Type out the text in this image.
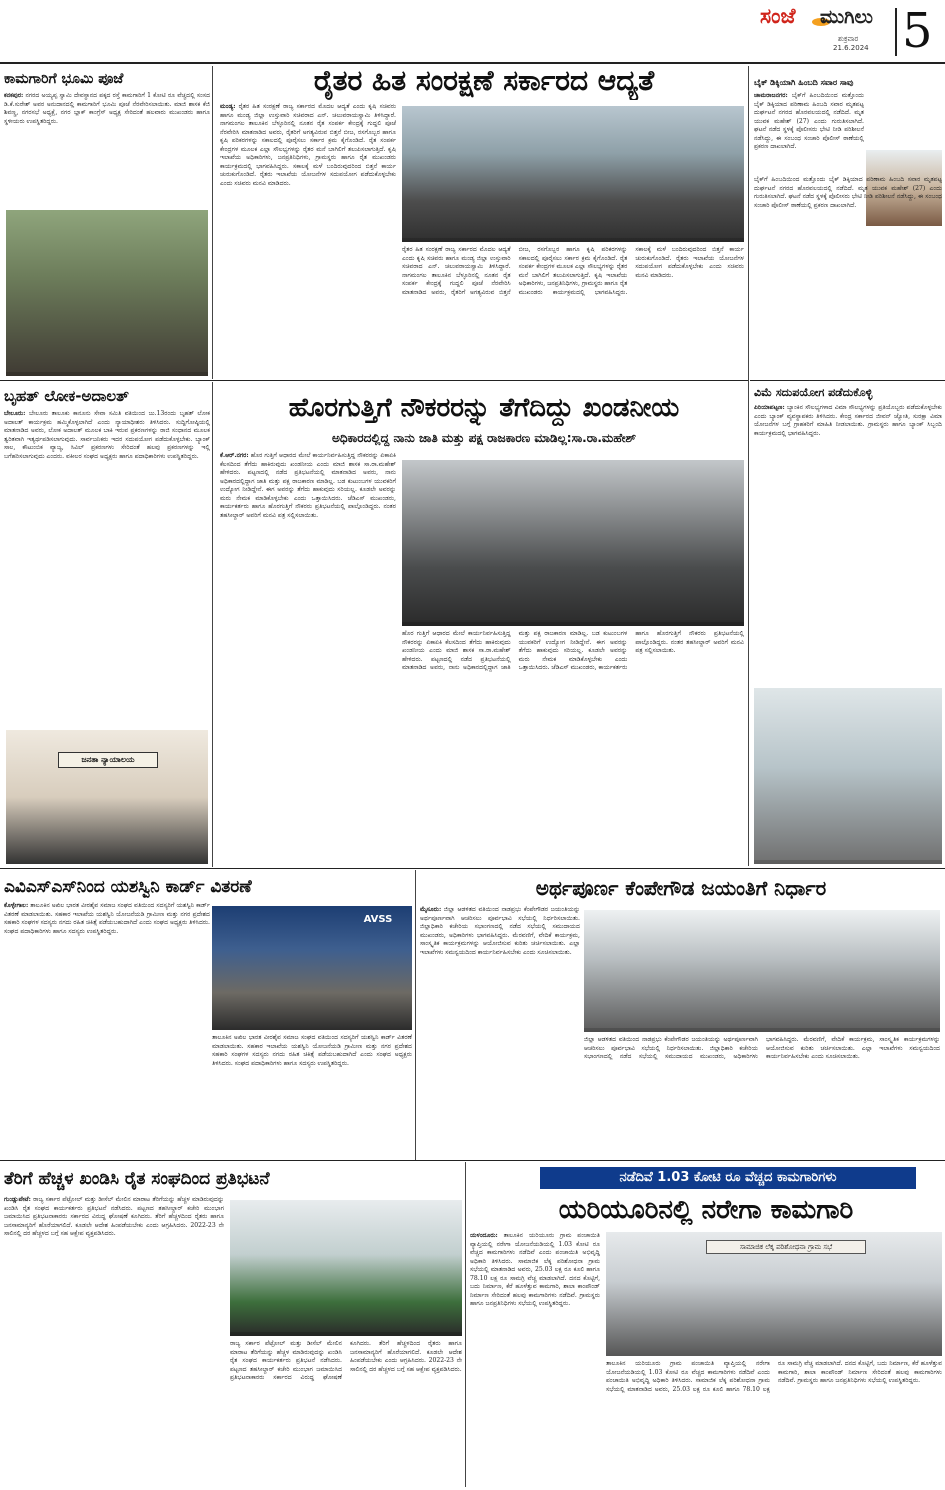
ಸಂಜೆ ಮುಗಿಲು
ಶುಕ್ರವಾರ
21.6.2024 5
ಕಾಮಗಾರಿಗೆ ಭೂಮಿ ಪೂಜೆ
ಕನಕಪುರ: ನಗರದ ಅಯ್ಯಪ್ಪ ಸ್ವಾಮಿ ದೇವಸ್ಥಾನದ ಪಕ್ಕದ ರಸ್ತೆ ಕಾಮಗಾರಿಗೆ 1 ಕೋಟಿ ರೂ ವೆಚ್ಚದಲ್ಲಿ ಸಂಸದ ಡಿ.ಕೆ.ಸುರೇಶ್ ಅವರ ಅನುದಾನದಲ್ಲಿ ಕಾಮಗಾರಿಗೆ ಭೂಮಿ ಪೂಜೆ ನೆರವೇರಿಸಲಾಯಿತು. ಮಾಜಿ ಶಾಸಕ ಕೆಜಿ ಶಿವಣ್ಣ, ನಗರಸಭೆ ಅಧ್ಯಕ್ಷೆ, ನಗರ ಬ್ಲಾಕ್ ಕಾಂಗ್ರೆಸ್ ಅಧ್ಯಕ್ಷ ಸೇರಿದಂತೆ ಹಲವಾರು ಮುಖಂಡರು ಹಾಗೂ ಸ್ಥಳೀಯರು ಉಪಸ್ಥಿತರಿದ್ದರು.
ರೈತರ ಹಿತ ಸಂರಕ್ಷಣೆ ಸರ್ಕಾರದ ಆದ್ಯತೆ
ಮಂಡ್ಯ: ರೈತರ ಹಿತ ಸಂರಕ್ಷಣೆ ರಾಜ್ಯ ಸರ್ಕಾರದ ಮೊದಲ ಆದ್ಯತೆ ಎಂದು ಕೃಷಿ ಸಚಿವರು ಹಾಗೂ ಮಂಡ್ಯ ಜಿಲ್ಲಾ ಉಸ್ತುವಾರಿ ಸಚಿವರಾದ ಎನ್. ಚಲುವರಾಯಸ್ವಾಮಿ ತಿಳಿಸಿದ್ದಾರೆ. ನಾಗಮಂಗಲ ತಾಲೂಕಿನ ಬೆಳ್ಳೂರಿನಲ್ಲಿ ನೂತನ ರೈತ ಸಂಪರ್ಕ ಕೇಂದ್ರಕ್ಕೆ ಗುದ್ದಲಿ ಪೂಜೆ ನೆರವೇರಿಸಿ ಮಾತನಾಡಿದ ಅವರು, ರೈತರಿಗೆ ಅಗತ್ಯವಿರುವ ಬಿತ್ತನೆ ಬೀಜ, ರಸಗೊಬ್ಬರ ಹಾಗೂ ಕೃಷಿ ಪರಿಕರಗಳನ್ನು ಸಕಾಲದಲ್ಲಿ ಪೂರೈಸಲು ಸರ್ಕಾರ ಕ್ರಮ ಕೈಗೊಂಡಿದೆ. ರೈತ ಸಂಪರ್ಕ ಕೇಂದ್ರಗಳ ಮೂಲಕ ಎಲ್ಲಾ ಸೌಲಭ್ಯಗಳನ್ನು ರೈತರ ಮನೆ ಬಾಗಿಲಿಗೆ ತಲುಪಿಸಲಾಗುತ್ತಿದೆ. ಕೃಷಿ ಇಲಾಖೆಯ ಅಧಿಕಾರಿಗಳು, ಜನಪ್ರತಿನಿಧಿಗಳು, ಗ್ರಾಮಸ್ಥರು ಹಾಗೂ ರೈತ ಮುಖಂಡರು ಕಾರ್ಯಕ್ರಮದಲ್ಲಿ ಭಾಗವಹಿಸಿದ್ದರು. ಸಕಾಲಕ್ಕೆ ಮಳೆ ಬಂದಿರುವುದರಿಂದ ಬಿತ್ತನೆ ಕಾರ್ಯ ಚುರುಕುಗೊಂಡಿದೆ. ರೈತರು ಇಲಾಖೆಯ ಯೋಜನೆಗಳ ಸದುಪಯೋಗ ಪಡೆದುಕೊಳ್ಳಬೇಕು ಎಂದು ಸಚಿವರು ಮನವಿ ಮಾಡಿದರು.
ರೈತರ ಹಿತ ಸಂರಕ್ಷಣೆ ರಾಜ್ಯ ಸರ್ಕಾರದ ಮೊದಲ ಆದ್ಯತೆ ಎಂದು ಕೃಷಿ ಸಚಿವರು ಹಾಗೂ ಮಂಡ್ಯ ಜಿಲ್ಲಾ ಉಸ್ತುವಾರಿ ಸಚಿವರಾದ ಎನ್. ಚಲುವರಾಯಸ್ವಾಮಿ ತಿಳಿಸಿದ್ದಾರೆ. ನಾಗಮಂಗಲ ತಾಲೂಕಿನ ಬೆಳ್ಳೂರಿನಲ್ಲಿ ನೂತನ ರೈತ ಸಂಪರ್ಕ ಕೇಂದ್ರಕ್ಕೆ ಗುದ್ದಲಿ ಪೂಜೆ ನೆರವೇರಿಸಿ ಮಾತನಾಡಿದ ಅವರು, ರೈತರಿಗೆ ಅಗತ್ಯವಿರುವ ಬಿತ್ತನೆ ಬೀಜ, ರಸಗೊಬ್ಬರ ಹಾಗೂ ಕೃಷಿ ಪರಿಕರಗಳನ್ನು ಸಕಾಲದಲ್ಲಿ ಪೂರೈಸಲು ಸರ್ಕಾರ ಕ್ರಮ ಕೈಗೊಂಡಿದೆ. ರೈತ ಸಂಪರ್ಕ ಕೇಂದ್ರಗಳ ಮೂಲಕ ಎಲ್ಲಾ ಸೌಲಭ್ಯಗಳನ್ನು ರೈತರ ಮನೆ ಬಾಗಿಲಿಗೆ ತಲುಪಿಸಲಾಗುತ್ತಿದೆ. ಕೃಷಿ ಇಲಾಖೆಯ ಅಧಿಕಾರಿಗಳು, ಜನಪ್ರತಿನಿಧಿಗಳು, ಗ್ರಾಮಸ್ಥರು ಹಾಗೂ ರೈತ ಮುಖಂಡರು ಕಾರ್ಯಕ್ರಮದಲ್ಲಿ ಭಾಗವಹಿಸಿದ್ದರು. ಸಕಾಲಕ್ಕೆ ಮಳೆ ಬಂದಿರುವುದರಿಂದ ಬಿತ್ತನೆ ಕಾರ್ಯ ಚುರುಕುಗೊಂಡಿದೆ. ರೈತರು ಇಲಾಖೆಯ ಯೋಜನೆಗಳ ಸದುಪಯೋಗ ಪಡೆದುಕೊಳ್ಳಬೇಕು ಎಂದು ಸಚಿವರು ಮನವಿ ಮಾಡಿದರು.
ಬೈಕ್ ಡಿಕ್ಕಿಯಾಗಿ ಹಿಂಬದಿ ಸವಾರ ಸಾವು
ಚಾಮರಾಜನಗರ: ಬೈಕ್‌ಗೆ ಹಿಂಬದಿಯಿಂದ ಮತ್ತೊಂದು ಬೈಕ್ ಡಿಕ್ಕಿಯಾದ ಪರಿಣಾಮ ಹಿಂಬದಿ ಸವಾರ ಮೃತಪಟ್ಟ ದುರ್ಘಟನೆ ನಗರದ ಹೊರವಲಯದಲ್ಲಿ ನಡೆದಿದೆ. ಮೃತ ಯುವಕ ಮಹೇಶ್ (27) ಎಂದು ಗುರುತಿಸಲಾಗಿದೆ. ಘಟನೆ ನಡೆದ ಸ್ಥಳಕ್ಕೆ ಪೊಲೀಸರು ಭೇಟಿ ನೀಡಿ ಪರಿಶೀಲನೆ ನಡೆಸಿದ್ದು, ಈ ಸಂಬಂಧ ಸಂಚಾರಿ ಪೊಲೀಸ್ ಠಾಣೆಯಲ್ಲಿ ಪ್ರಕರಣ ದಾಖಲಾಗಿದೆ.
ಬೈಕ್‌ಗೆ ಹಿಂಬದಿಯಿಂದ ಮತ್ತೊಂದು ಬೈಕ್ ಡಿಕ್ಕಿಯಾದ ಪರಿಣಾಮ ಹಿಂಬದಿ ಸವಾರ ಮೃತಪಟ್ಟ ದುರ್ಘಟನೆ ನಗರದ ಹೊರವಲಯದಲ್ಲಿ ನಡೆದಿದೆ. ಮೃತ ಯುವಕ ಮಹೇಶ್ (27) ಎಂದು ಗುರುತಿಸಲಾಗಿದೆ. ಘಟನೆ ನಡೆದ ಸ್ಥಳಕ್ಕೆ ಪೊಲೀಸರು ಭೇಟಿ ನೀಡಿ ಪರಿಶೀಲನೆ ನಡೆಸಿದ್ದು, ಈ ಸಂಬಂಧ ಸಂಚಾರಿ ಪೊಲೀಸ್ ಠಾಣೆಯಲ್ಲಿ ಪ್ರಕರಣ ದಾಖಲಾಗಿದೆ.
ವಿಮೆ ಸದುಪಯೋಗ ಪಡೆದುಕೊಳ್ಳಿ
ಪಿರಿಯಾಪಟ್ಟಣ: ಬ್ಯಾಂಕಿನ ಸೌಲಭ್ಯಗಳಾದ ವಿಮಾ ಸೌಲಭ್ಯಗಳನ್ನು ಪ್ರತಿಯೊಬ್ಬರು ಪಡೆದುಕೊಳ್ಳಬೇಕು ಎಂದು ಬ್ಯಾಂಕ್ ವ್ಯವಸ್ಥಾಪಕರು ತಿಳಿಸಿದರು. ಕೇಂದ್ರ ಸರ್ಕಾರದ ಜೀವನ್ ಜ್ಯೋತಿ, ಸುರಕ್ಷಾ ವಿಮಾ ಯೋಜನೆಗಳ ಬಗ್ಗೆ ಗ್ರಾಹಕರಿಗೆ ಮಾಹಿತಿ ನೀಡಲಾಯಿತು. ಗ್ರಾಮಸ್ಥರು ಹಾಗೂ ಬ್ಯಾಂಕ್ ಸಿಬ್ಬಂದಿ ಕಾರ್ಯಕ್ರಮದಲ್ಲಿ ಭಾಗವಹಿಸಿದ್ದರು.
ಬೃಹತ್ ಲೋಕ-ಅದಾಲತ್
ಬೇಲೂರು: ಬೇಲೂರು ತಾಲೂಕು ಕಾನೂನು ಸೇವಾ ಸಮಿತಿ ವತಿಯಿಂದ ಜು.13ರಂದು ಬೃಹತ್ ಲೋಕ ಅದಾಲತ್ ಕಾರ್ಯಕ್ರಮ ಹಮ್ಮಿಕೊಳ್ಳಲಾಗಿದೆ ಎಂದು ನ್ಯಾಯಾಧೀಶರು ತಿಳಿಸಿದರು. ಸುದ್ದಿಗೋಷ್ಠಿಯಲ್ಲಿ ಮಾತನಾಡಿದ ಅವರು, ಲೋಕ ಅದಾಲತ್ ಮೂಲಕ ಬಾಕಿ ಇರುವ ಪ್ರಕರಣಗಳನ್ನು ರಾಜಿ ಸಂಧಾನದ ಮೂಲಕ ತ್ವರಿತವಾಗಿ ಇತ್ಯರ್ಥಪಡಿಸಲಾಗುವುದು. ಸಾರ್ವಜನಿಕರು ಇದರ ಸದುಪಯೋಗ ಪಡೆದುಕೊಳ್ಳಬೇಕು. ಬ್ಯಾಂಕ್ ಸಾಲ, ಕೌಟುಂಬಿಕ ವ್ಯಾಜ್ಯ, ಸಿವಿಲ್ ಪ್ರಕರಣಗಳು ಸೇರಿದಂತೆ ಹಲವು ಪ್ರಕರಣಗಳನ್ನು ಇಲ್ಲಿ ಬಗೆಹರಿಸಲಾಗುವುದು ಎಂದರು. ವಕೀಲರ ಸಂಘದ ಅಧ್ಯಕ್ಷರು ಹಾಗೂ ಪದಾಧಿಕಾರಿಗಳು ಉಪಸ್ಥಿತರಿದ್ದರು.
ಜನತಾ ನ್ಯಾಯಾಲಯ
ಹೊರಗುತ್ತಿಗೆ ನೌಕರರನ್ನು ತೆಗೆದಿದ್ದು ಖಂಡನೀಯ
ಅಧಿಕಾರದಲ್ಲಿದ್ದ ನಾನು ಜಾತಿ ಮತ್ತು ಪಕ್ಷ ರಾಜಕಾರಣ ಮಾಡಿಲ್ಲ:ಸಾ.ರಾ.ಮಹೇಶ್
ಕೆ.ಆರ್.ನಗರ: ಹೊರ ಗುತ್ತಿಗೆ ಆಧಾರದ ಮೇಲೆ ಕಾರ್ಯನಿರ್ವಹಿಸುತ್ತಿದ್ದ ನೌಕರರನ್ನು ಏಕಾಏಕಿ ಕೆಲಸದಿಂದ ತೆಗೆದು ಹಾಕಿರುವುದು ಖಂಡನೀಯ ಎಂದು ಮಾಜಿ ಶಾಸಕ ಸಾ.ರಾ.ಮಹೇಶ್ ಹೇಳಿದರು. ಪಟ್ಟಣದಲ್ಲಿ ನಡೆದ ಪ್ರತಿಭಟನೆಯಲ್ಲಿ ಮಾತನಾಡಿದ ಅವರು, ನಾನು ಅಧಿಕಾರದಲ್ಲಿದ್ದಾಗ ಜಾತಿ ಮತ್ತು ಪಕ್ಷ ರಾಜಕಾರಣ ಮಾಡಿಲ್ಲ. ಬಡ ಕುಟುಂಬಗಳ ಯುವಕರಿಗೆ ಉದ್ಯೋಗ ನೀಡಿದ್ದೇನೆ. ಈಗ ಅವರನ್ನು ತೆಗೆದು ಹಾಕುವುದು ಸರಿಯಲ್ಲ. ಕೂಡಲೇ ಅವರನ್ನು ಮರು ನೇಮಕ ಮಾಡಿಕೊಳ್ಳಬೇಕು ಎಂದು ಒತ್ತಾಯಿಸಿದರು. ಜೆಡಿಎಸ್ ಮುಖಂಡರು, ಕಾರ್ಯಕರ್ತರು ಹಾಗೂ ಹೊರಗುತ್ತಿಗೆ ನೌಕರರು ಪ್ರತಿಭಟನೆಯಲ್ಲಿ ಪಾಲ್ಗೊಂಡಿದ್ದರು. ನಂತರ ತಹಸೀಲ್ದಾರ್ ಅವರಿಗೆ ಮನವಿ ಪತ್ರ ಸಲ್ಲಿಸಲಾಯಿತು.
ಹೊರ ಗುತ್ತಿಗೆ ಆಧಾರದ ಮೇಲೆ ಕಾರ್ಯನಿರ್ವಹಿಸುತ್ತಿದ್ದ ನೌಕರರನ್ನು ಏಕಾಏಕಿ ಕೆಲಸದಿಂದ ತೆಗೆದು ಹಾಕಿರುವುದು ಖಂಡನೀಯ ಎಂದು ಮಾಜಿ ಶಾಸಕ ಸಾ.ರಾ.ಮಹೇಶ್ ಹೇಳಿದರು. ಪಟ್ಟಣದಲ್ಲಿ ನಡೆದ ಪ್ರತಿಭಟನೆಯಲ್ಲಿ ಮಾತನಾಡಿದ ಅವರು, ನಾನು ಅಧಿಕಾರದಲ್ಲಿದ್ದಾಗ ಜಾತಿ ಮತ್ತು ಪಕ್ಷ ರಾಜಕಾರಣ ಮಾಡಿಲ್ಲ. ಬಡ ಕುಟುಂಬಗಳ ಯುವಕರಿಗೆ ಉದ್ಯೋಗ ನೀಡಿದ್ದೇನೆ. ಈಗ ಅವರನ್ನು ತೆಗೆದು ಹಾಕುವುದು ಸರಿಯಲ್ಲ. ಕೂಡಲೇ ಅವರನ್ನು ಮರು ನೇಮಕ ಮಾಡಿಕೊಳ್ಳಬೇಕು ಎಂದು ಒತ್ತಾಯಿಸಿದರು. ಜೆಡಿಎಸ್ ಮುಖಂಡರು, ಕಾರ್ಯಕರ್ತರು ಹಾಗೂ ಹೊರಗುತ್ತಿಗೆ ನೌಕರರು ಪ್ರತಿಭಟನೆಯಲ್ಲಿ ಪಾಲ್ಗೊಂಡಿದ್ದರು. ನಂತರ ತಹಸೀಲ್ದಾರ್ ಅವರಿಗೆ ಮನವಿ ಪತ್ರ ಸಲ್ಲಿಸಲಾಯಿತು.
ಎವಿಎಸ್‌ಎಸ್‌ನಿಂದ ಯಶಸ್ವಿನಿ ಕಾರ್ಡ್ ವಿತರಣೆ
ಕೊಳ್ಳೇಗಾಲ: ತಾಲೂಕಿನ ಅಖಿಲ ಭಾರತ ವೀರಶೈವ ಸಮಾಜ ಸಂಘದ ವತಿಯಿಂದ ಸದಸ್ಯರಿಗೆ ಯಶಸ್ವಿನಿ ಕಾರ್ಡ್ ವಿತರಣೆ ಮಾಡಲಾಯಿತು. ಸಹಕಾರ ಇಲಾಖೆಯ ಯಶಸ್ವಿನಿ ಯೋಜನೆಯಡಿ ಗ್ರಾಮೀಣ ಮತ್ತು ನಗರ ಪ್ರದೇಶದ ಸಹಕಾರಿ ಸಂಘಗಳ ಸದಸ್ಯರು ನಗದು ರಹಿತ ಚಿಕಿತ್ಸೆ ಪಡೆಯಬಹುದಾಗಿದೆ ಎಂದು ಸಂಘದ ಅಧ್ಯಕ್ಷರು ತಿಳಿಸಿದರು. ಸಂಘದ ಪದಾಧಿಕಾರಿಗಳು ಹಾಗೂ ಸದಸ್ಯರು ಉಪಸ್ಥಿತರಿದ್ದರು.
AVSS
ತಾಲೂಕಿನ ಅಖಿಲ ಭಾರತ ವೀರಶೈವ ಸಮಾಜ ಸಂಘದ ವತಿಯಿಂದ ಸದಸ್ಯರಿಗೆ ಯಶಸ್ವಿನಿ ಕಾರ್ಡ್ ವಿತರಣೆ ಮಾಡಲಾಯಿತು. ಸಹಕಾರ ಇಲಾಖೆಯ ಯಶಸ್ವಿನಿ ಯೋಜನೆಯಡಿ ಗ್ರಾಮೀಣ ಮತ್ತು ನಗರ ಪ್ರದೇಶದ ಸಹಕಾರಿ ಸಂಘಗಳ ಸದಸ್ಯರು ನಗದು ರಹಿತ ಚಿಕಿತ್ಸೆ ಪಡೆಯಬಹುದಾಗಿದೆ ಎಂದು ಸಂಘದ ಅಧ್ಯಕ್ಷರು ತಿಳಿಸಿದರು. ಸಂಘದ ಪದಾಧಿಕಾರಿಗಳು ಹಾಗೂ ಸದಸ್ಯರು ಉಪಸ್ಥಿತರಿದ್ದರು.
ಅರ್ಥಪೂರ್ಣ ಕೆಂಪೇಗೌಡ ಜಯಂತಿಗೆ ನಿರ್ಧಾರ
ಮೈಸೂರು: ಜಿಲ್ಲಾ ಆಡಳಿತದ ವತಿಯಿಂದ ನಾಡಪ್ರಭು ಕೆಂಪೇಗೌಡರ ಜಯಂತಿಯನ್ನು ಅರ್ಥಪೂರ್ಣವಾಗಿ ಆಚರಿಸಲು ಪೂರ್ವಭಾವಿ ಸಭೆಯಲ್ಲಿ ನಿರ್ಧರಿಸಲಾಯಿತು. ಜಿಲ್ಲಾಧಿಕಾರಿ ಕಚೇರಿಯ ಸಭಾಂಗಣದಲ್ಲಿ ನಡೆದ ಸಭೆಯಲ್ಲಿ ಸಮುದಾಯದ ಮುಖಂಡರು, ಅಧಿಕಾರಿಗಳು ಭಾಗವಹಿಸಿದ್ದರು. ಮೆರವಣಿಗೆ, ವೇದಿಕೆ ಕಾರ್ಯಕ್ರಮ, ಸಾಂಸ್ಕೃತಿಕ ಕಾರ್ಯಕ್ರಮಗಳನ್ನು ಆಯೋಜಿಸುವ ಕುರಿತು ಚರ್ಚಿಸಲಾಯಿತು. ಎಲ್ಲಾ ಇಲಾಖೆಗಳು ಸಮನ್ವಯದಿಂದ ಕಾರ್ಯನಿರ್ವಹಿಸಬೇಕು ಎಂದು ಸೂಚಿಸಲಾಯಿತು.
ಜಿಲ್ಲಾ ಆಡಳಿತದ ವತಿಯಿಂದ ನಾಡಪ್ರಭು ಕೆಂಪೇಗೌಡರ ಜಯಂತಿಯನ್ನು ಅರ್ಥಪೂರ್ಣವಾಗಿ ಆಚರಿಸಲು ಪೂರ್ವಭಾವಿ ಸಭೆಯಲ್ಲಿ ನಿರ್ಧರಿಸಲಾಯಿತು. ಜಿಲ್ಲಾಧಿಕಾರಿ ಕಚೇರಿಯ ಸಭಾಂಗಣದಲ್ಲಿ ನಡೆದ ಸಭೆಯಲ್ಲಿ ಸಮುದಾಯದ ಮುಖಂಡರು, ಅಧಿಕಾರಿಗಳು ಭಾಗವಹಿಸಿದ್ದರು. ಮೆರವಣಿಗೆ, ವೇದಿಕೆ ಕಾರ್ಯಕ್ರಮ, ಸಾಂಸ್ಕೃತಿಕ ಕಾರ್ಯಕ್ರಮಗಳನ್ನು ಆಯೋಜಿಸುವ ಕುರಿತು ಚರ್ಚಿಸಲಾಯಿತು. ಎಲ್ಲಾ ಇಲಾಖೆಗಳು ಸಮನ್ವಯದಿಂದ ಕಾರ್ಯನಿರ್ವಹಿಸಬೇಕು ಎಂದು ಸೂಚಿಸಲಾಯಿತು.
ತೆರಿಗೆ ಹೆಚ್ಚಳ ಖಂಡಿಸಿ ರೈತ ಸಂಘದಿಂದ ಪ್ರತಿಭಟನೆ
ಗುಂಡ್ಲುಪೇಟೆ: ರಾಜ್ಯ ಸರ್ಕಾರ ಪೆಟ್ರೋಲ್ ಮತ್ತು ಡೀಸೆಲ್ ಮೇಲಿನ ಮಾರಾಟ ತೆರಿಗೆಯನ್ನು ಹೆಚ್ಚಳ ಮಾಡಿರುವುದನ್ನು ಖಂಡಿಸಿ ರೈತ ಸಂಘದ ಕಾರ್ಯಕರ್ತರು ಪ್ರತಿಭಟನೆ ನಡೆಸಿದರು. ಪಟ್ಟಣದ ತಹಸೀಲ್ದಾರ್ ಕಚೇರಿ ಮುಂಭಾಗ ಜಮಾಯಿಸಿದ ಪ್ರತಿಭಟನಾಕಾರರು ಸರ್ಕಾರದ ವಿರುದ್ಧ ಘೋಷಣೆ ಕೂಗಿದರು. ತೆರಿಗೆ ಹೆಚ್ಚಳದಿಂದ ರೈತರು ಹಾಗೂ ಜನಸಾಮಾನ್ಯರಿಗೆ ಹೊರೆಯಾಗಲಿದೆ. ಕೂಡಲೇ ಆದೇಶ ಹಿಂಪಡೆಯಬೇಕು ಎಂದು ಆಗ್ರಹಿಸಿದರು. 2022-23 ನೇ ಸಾಲಿನಲ್ಲಿ ದರ ಹೆಚ್ಚಳದ ಬಗ್ಗೆ ಸಹ ಆಕ್ಷೇಪ ವ್ಯಕ್ತಪಡಿಸಿದರು.
ರಾಜ್ಯ ಸರ್ಕಾರ ಪೆಟ್ರೋಲ್ ಮತ್ತು ಡೀಸೆಲ್ ಮೇಲಿನ ಮಾರಾಟ ತೆರಿಗೆಯನ್ನು ಹೆಚ್ಚಳ ಮಾಡಿರುವುದನ್ನು ಖಂಡಿಸಿ ರೈತ ಸಂಘದ ಕಾರ್ಯಕರ್ತರು ಪ್ರತಿಭಟನೆ ನಡೆಸಿದರು. ಪಟ್ಟಣದ ತಹಸೀಲ್ದಾರ್ ಕಚೇರಿ ಮುಂಭಾಗ ಜಮಾಯಿಸಿದ ಪ್ರತಿಭಟನಾಕಾರರು ಸರ್ಕಾರದ ವಿರುದ್ಧ ಘೋಷಣೆ ಕೂಗಿದರು. ತೆರಿಗೆ ಹೆಚ್ಚಳದಿಂದ ರೈತರು ಹಾಗೂ ಜನಸಾಮಾನ್ಯರಿಗೆ ಹೊರೆಯಾಗಲಿದೆ. ಕೂಡಲೇ ಆದೇಶ ಹಿಂಪಡೆಯಬೇಕು ಎಂದು ಆಗ್ರಹಿಸಿದರು. 2022-23 ನೇ ಸಾಲಿನಲ್ಲಿ ದರ ಹೆಚ್ಚಳದ ಬಗ್ಗೆ ಸಹ ಆಕ್ಷೇಪ ವ್ಯಕ್ತಪಡಿಸಿದರು.
ನಡೆದಿವೆ 1.03 ಕೋಟಿ ರೂ ವೆಚ್ಚದ ಕಾಮಗಾರಿಗಳು
ಯರಿಯೂರಿನಲ್ಲಿ ನರೇಗಾ ಕಾಮಗಾರಿ
ಯಳಂದೂರು: ತಾಲೂಕಿನ ಯರಿಯೂರು ಗ್ರಾಮ ಪಂಚಾಯಿತಿ ವ್ಯಾಪ್ತಿಯಲ್ಲಿ ನರೇಗಾ ಯೋಜನೆಯಡಿಯಲ್ಲಿ 1.03 ಕೋಟಿ ರೂ ವೆಚ್ಚದ ಕಾಮಗಾರಿಗಳು ನಡೆದಿವೆ ಎಂದು ಪಂಚಾಯಿತಿ ಅಭಿವೃದ್ಧಿ ಅಧಿಕಾರಿ ತಿಳಿಸಿದರು. ಸಾಮಾಜಿಕ ಲೆಕ್ಕ ಪರಿಶೋಧನಾ ಗ್ರಾಮ ಸಭೆಯಲ್ಲಿ ಮಾತನಾಡಿದ ಅವರು, 25.03 ಲಕ್ಷ ರೂ ಕೂಲಿ ಹಾಗೂ 78.10 ಲಕ್ಷ ರೂ ಸಾಮಗ್ರಿ ವೆಚ್ಚ ಮಾಡಲಾಗಿದೆ. ದನದ ಕೊಟ್ಟಿಗೆ, ಬದು ನಿರ್ಮಾಣ, ಕೆರೆ ಹೂಳೆತ್ತುವ ಕಾಮಗಾರಿ, ಶಾಲಾ ಕಾಂಪೌಂಡ್ ನಿರ್ಮಾಣ ಸೇರಿದಂತೆ ಹಲವು ಕಾಮಗಾರಿಗಳು ನಡೆದಿವೆ. ಗ್ರಾಮಸ್ಥರು ಹಾಗೂ ಜನಪ್ರತಿನಿಧಿಗಳು ಸಭೆಯಲ್ಲಿ ಉಪಸ್ಥಿತರಿದ್ದರು.
ಸಾಮಾಜಿಕ ಲೆಕ್ಕ ಪರಿಶೋಧನಾ ಗ್ರಾಮ ಸಭೆ
ತಾಲೂಕಿನ ಯರಿಯೂರು ಗ್ರಾಮ ಪಂಚಾಯಿತಿ ವ್ಯಾಪ್ತಿಯಲ್ಲಿ ನರೇಗಾ ಯೋಜನೆಯಡಿಯಲ್ಲಿ 1.03 ಕೋಟಿ ರೂ ವೆಚ್ಚದ ಕಾಮಗಾರಿಗಳು ನಡೆದಿವೆ ಎಂದು ಪಂಚಾಯಿತಿ ಅಭಿವೃದ್ಧಿ ಅಧಿಕಾರಿ ತಿಳಿಸಿದರು. ಸಾಮಾಜಿಕ ಲೆಕ್ಕ ಪರಿಶೋಧನಾ ಗ್ರಾಮ ಸಭೆಯಲ್ಲಿ ಮಾತನಾಡಿದ ಅವರು, 25.03 ಲಕ್ಷ ರೂ ಕೂಲಿ ಹಾಗೂ 78.10 ಲಕ್ಷ ರೂ ಸಾಮಗ್ರಿ ವೆಚ್ಚ ಮಾಡಲಾಗಿದೆ. ದನದ ಕೊಟ್ಟಿಗೆ, ಬದು ನಿರ್ಮಾಣ, ಕೆರೆ ಹೂಳೆತ್ತುವ ಕಾಮಗಾರಿ, ಶಾಲಾ ಕಾಂಪೌಂಡ್ ನಿರ್ಮಾಣ ಸೇರಿದಂತೆ ಹಲವು ಕಾಮಗಾರಿಗಳು ನಡೆದಿವೆ. ಗ್ರಾಮಸ್ಥರು ಹಾಗೂ ಜನಪ್ರತಿನಿಧಿಗಳು ಸಭೆಯಲ್ಲಿ ಉಪಸ್ಥಿತರಿದ್ದರು.
